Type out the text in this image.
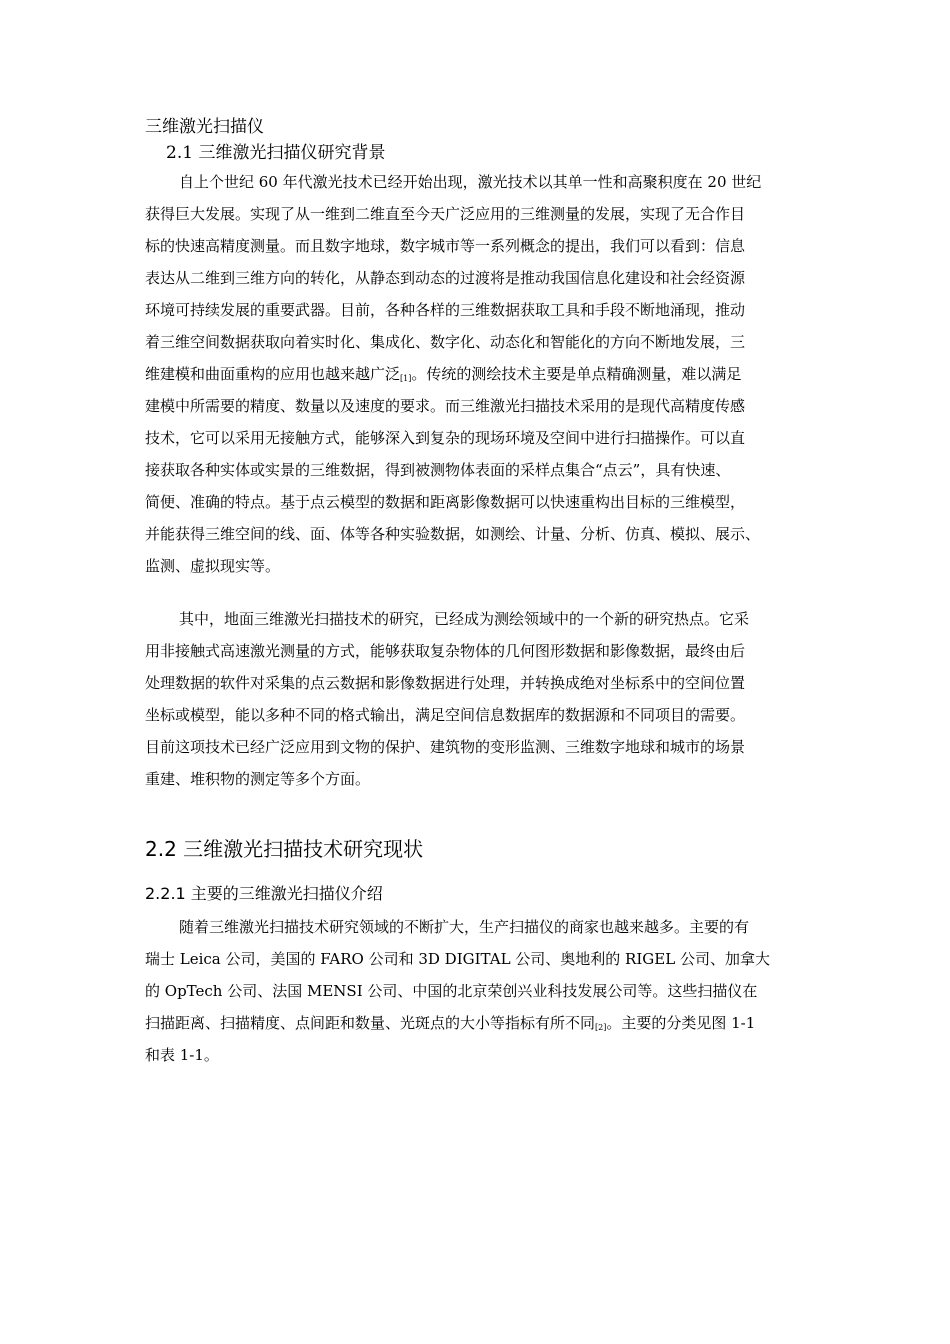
三维激光扫描仪
2.1 三维激光扫描仪研究背景
自上个世纪 60 年代激光技术已经开始出现，激光技术以其单一性和高聚积度在 20 世纪
获得巨大发展。实现了从一维到二维直至今天广泛应用的三维测量的发展，实现了无合作目
标的快速高精度测量。而且数字地球，数字城市等一系列概念的提出，我们可以看到：信息
表达从二维到三维方向的转化，从静态到动态的过渡将是推动我国信息化建设和社会经资源
环境可持续发展的重要武器。目前，各种各样的三维数据获取工具和手段不断地涌现，推动
着三维空间数据获取向着实时化、集成化、数字化、动态化和智能化的方向不断地发展，三
维建模和曲面重构的应用也越来越广泛[1]。传统的测绘技术主要是单点精确测量，难以满足
建模中所需要的精度、数量以及速度的要求。而三维激光扫描技术采用的是现代高精度传感
技术，它可以采用无接触方式，能够深入到复杂的现场环境及空间中进行扫描操作。可以直
接获取各种实体或实景的三维数据，得到被测物体表面的采样点集合“点云”，具有快速、
简便、准确的特点。基于点云模型的数据和距离影像数据可以快速重构出目标的三维模型，
并能获得三维空间的线、面、体等各种实验数据，如测绘、计量、分析、仿真、模拟、展示、
监测、虚拟现实等。
其中，地面三维激光扫描技术的研究，已经成为测绘领域中的一个新的研究热点。它采
用非接触式高速激光测量的方式，能够获取复杂物体的几何图形数据和影像数据，最终由后
处理数据的软件对采集的点云数据和影像数据进行处理，并转换成绝对坐标系中的空间位置
坐标或模型，能以多种不同的格式输出，满足空间信息数据库的数据源和不同项目的需要。
目前这项技术已经广泛应用到文物的保护、建筑物的变形监测、三维数字地球和城市的场景
重建、堆积物的测定等多个方面。
2.2 三维激光扫描技术研究现状
2.2.1 主要的三维激光扫描仪介绍
随着三维激光扫描技术研究领域的不断扩大，生产扫描仪的商家也越来越多。主要的有
瑞士 Leica 公司，美国的 FARO 公司和 3D DIGITAL 公司、奥地利的 RIGEL 公司、加拿大
的 OpTech 公司、法国 MENSI 公司、中国的北京荣创兴业科技发展公司等。这些扫描仪在
扫描距离、扫描精度、点间距和数量、光斑点的大小等指标有所不同[2]。主要的分类见图 1-1
和表 1-1。
